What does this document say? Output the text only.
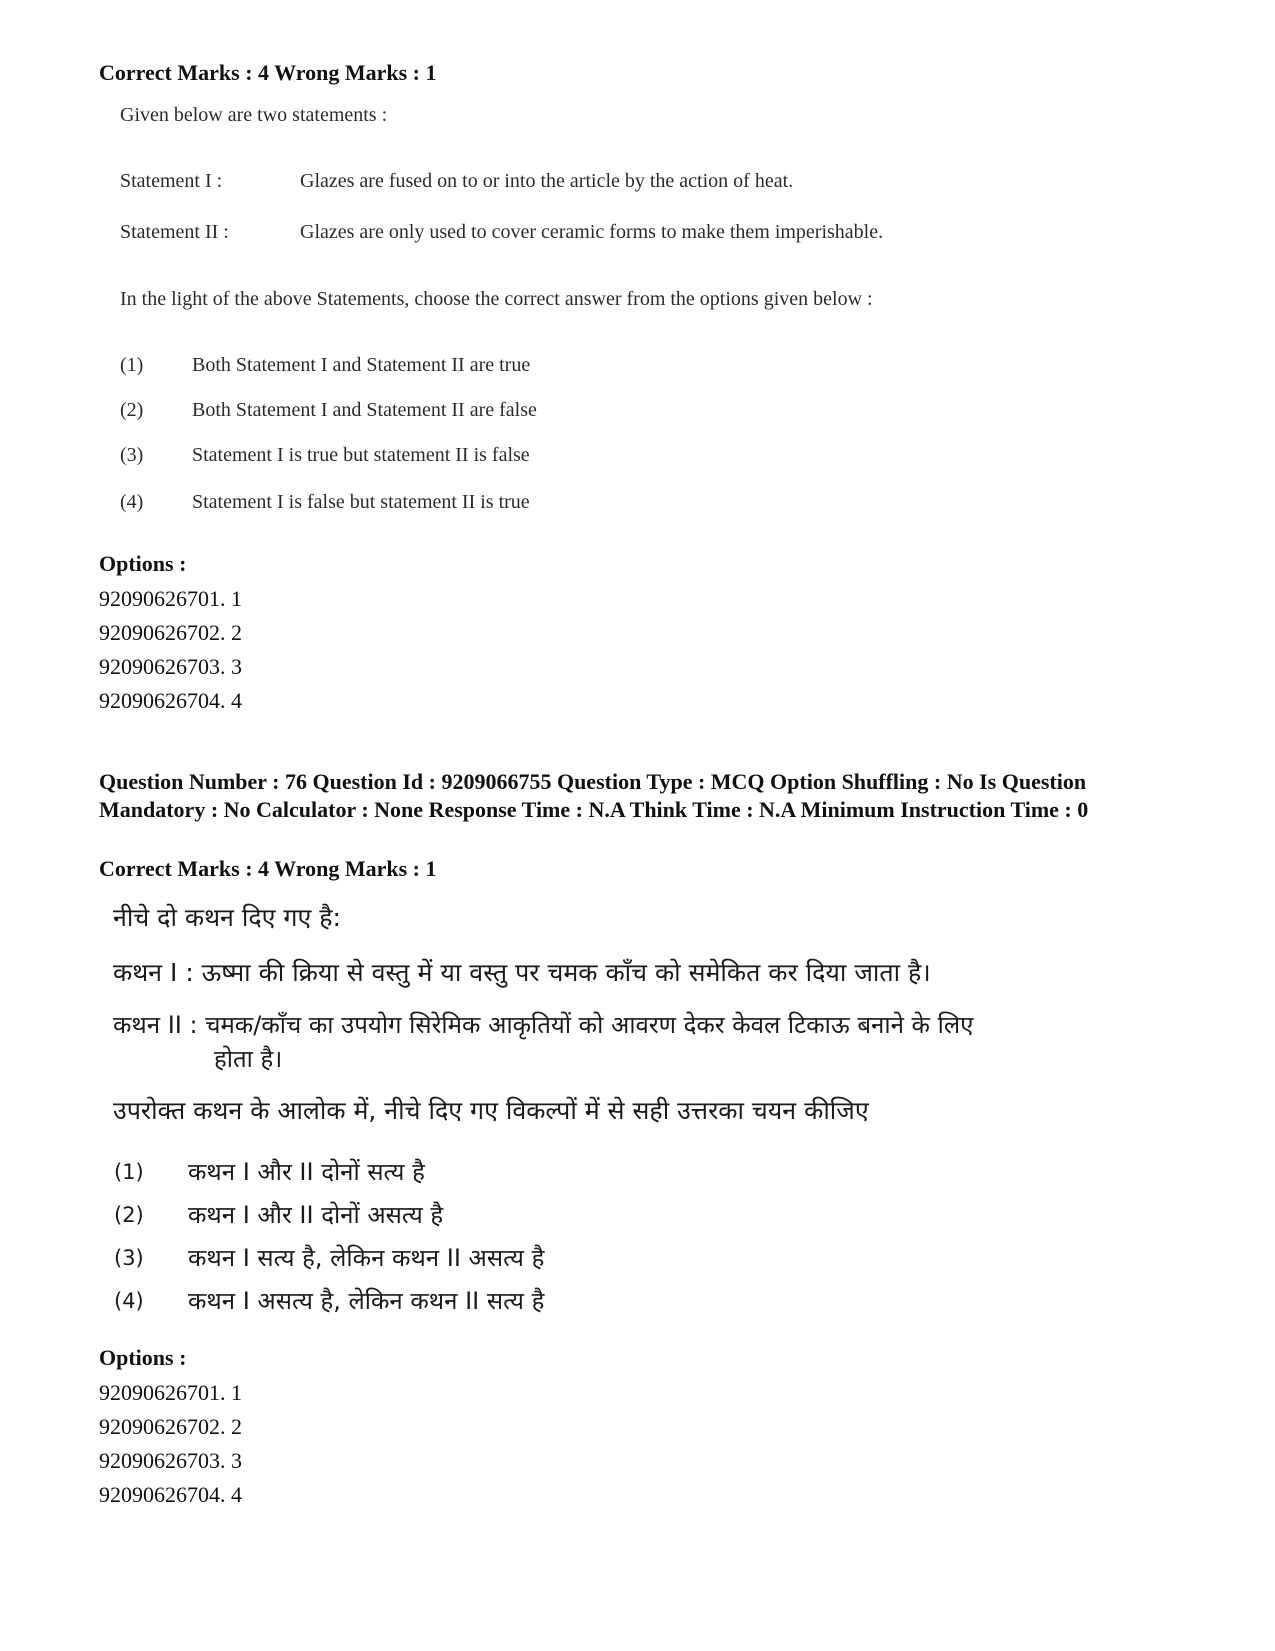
Correct Marks : 4 Wrong Marks : 1
Given below are two statements :
Statement I :	Glazes are fused on to or into the article by the action of heat.
Statement II :	Glazes are only used to cover ceramic forms to make them imperishable.
In the light of the above Statements, choose the correct answer from the options given below :
(1) Both Statement I and Statement II are true
(2) Both Statement I and Statement II are false
(3) Statement I is true but statement II is false
(4) Statement I is false but statement II is true
Options :
92090626701. 1
92090626702. 2
92090626703. 3
92090626704. 4
Question Number : 76 Question Id : 9209066755 Question Type : MCQ Option Shuffling : No Is Question Mandatory : No Calculator : None Response Time : N.A Think Time : N.A Minimum Instruction Time : 0
Correct Marks : 4 Wrong Marks : 1
नीचे दो कथन दिए गए है:
कथन I : ऊष्मा की क्रिया से वस्तु में या वस्तु पर चमक काँच को समेकित कर दिया जाता है।
कथन II : चमक/काँच का उपयोग सिरेमिक आकृतियों को आवरण देकर केवल टिकाऊ बनाने के लिए
होता है।
उपरोक्त कथन के आलोक में, नीचे दिए गए विकल्पों में से सही उत्तरका चयन कीजिए
(1) कथन I और II दोनों सत्य है
(2) कथन I और II दोनों असत्य है
(3) कथन I सत्य है, लेकिन कथन II असत्य है
(4) कथन I असत्य है, लेकिन कथन II सत्य है
Options :
92090626701. 1
92090626702. 2
92090626703. 3
92090626704. 4
